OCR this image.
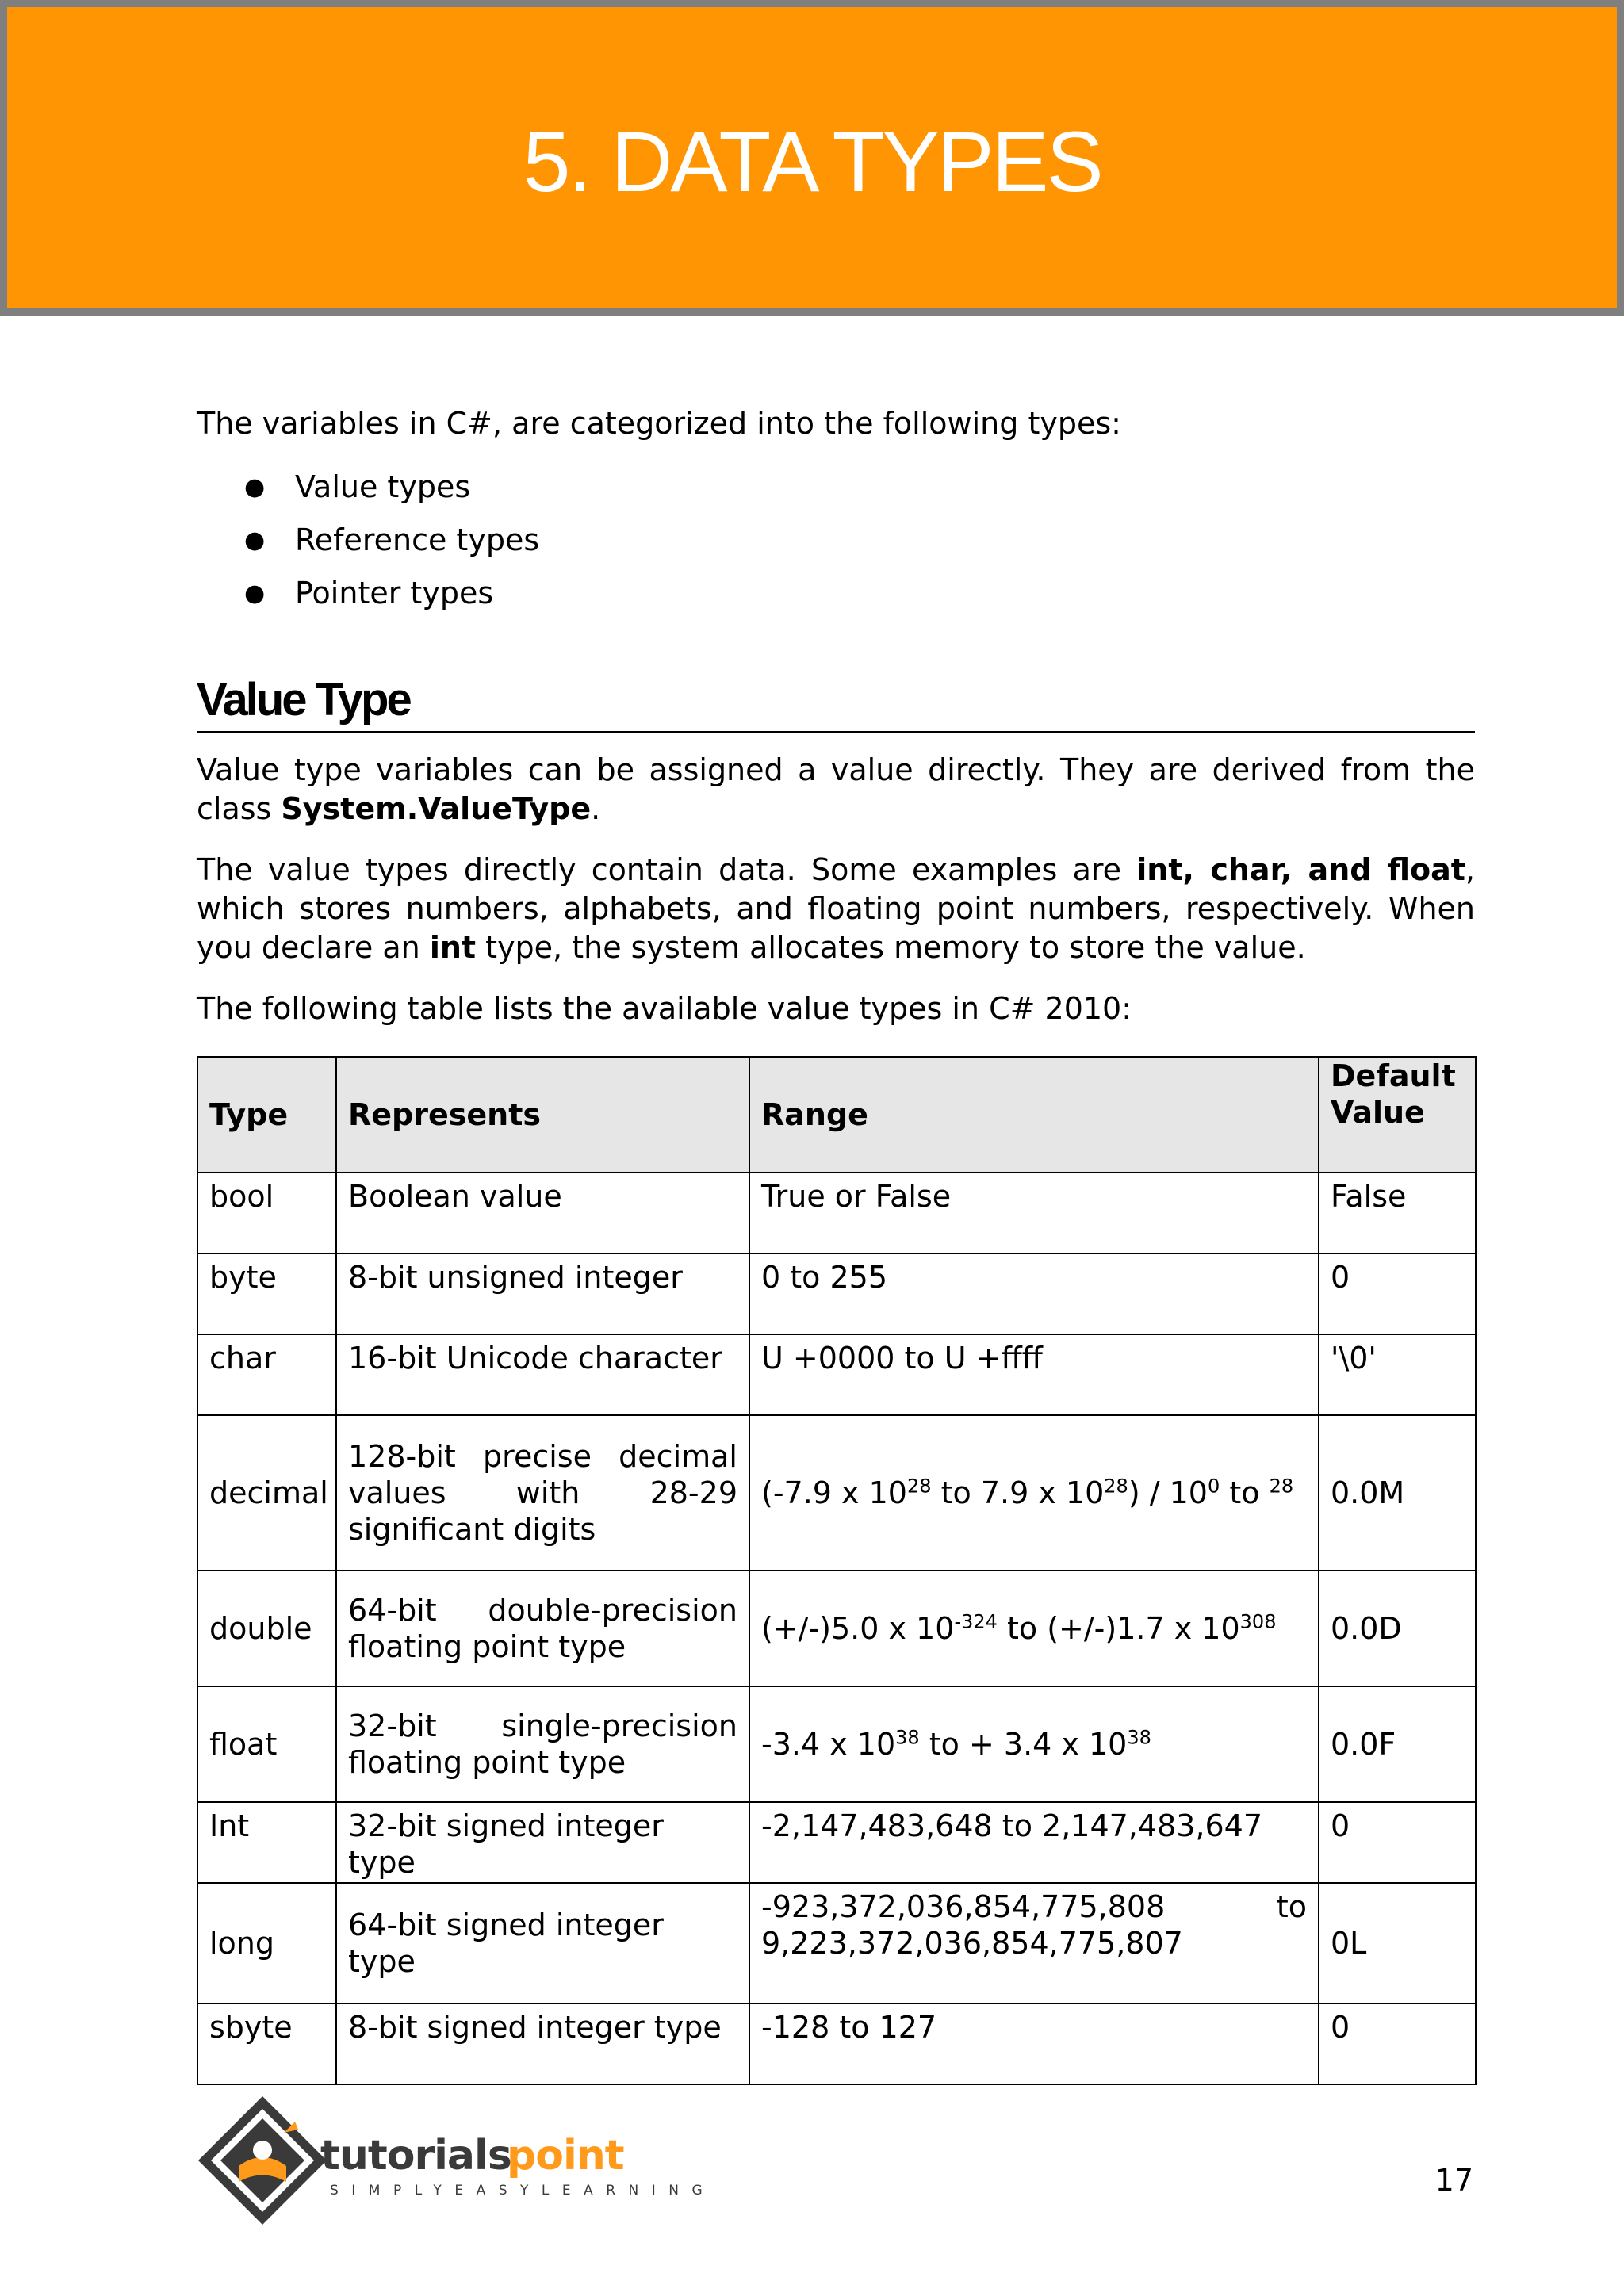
5. DATA TYPES

The variables in C#, are categorized into the following types:

● Value types
● Reference types
● Pointer types
Value Type

Value type variables can be assigned a value directly. They are derived from the class System.ValueType.

The value types directly contain data. Some examples are int, char, and float, which stores numbers, alphabets, and floating point numbers, respectively. When you declare an int type, the system allocates memory to store the value.

The following table lists the available value types in C# 2010:

Type	Represents	Range	Default
Value
bool	Boolean value	True or False	False
byte	8-bit unsigned integer	0 to 255	0
char	16-bit Unicode character	U +0000 to U +ffff	'\0'
decimal	128-bit precise decimal
values with 28-29
significant digits	(-7.9 x $10^{28}$ to 7.9 x $10^{28}) / 10^0$ to $^{28}$	0.0M
double	64-bit double-precision
floating point type	(+/-)5.0 x $10^{-324}$ to (+/-)1.7 x $10^{308}$	0.0D
float	32-bit single-precision
floating point type	-3.4 x $10^{38}$ to + 3.4 x $10^{38}$	0.0F
Int	32-bit signed integer type	-2,147,483,648 to 2,147,483,647	0
long	64-bit signed integer type	-923,372,036,854,775,808 to
9,223,372,036,854,775,807	0L
sbyte	8-bit signed integer type	-128 to 127	0
tutorials
point
SIMPLYEASYLEARNING	17
